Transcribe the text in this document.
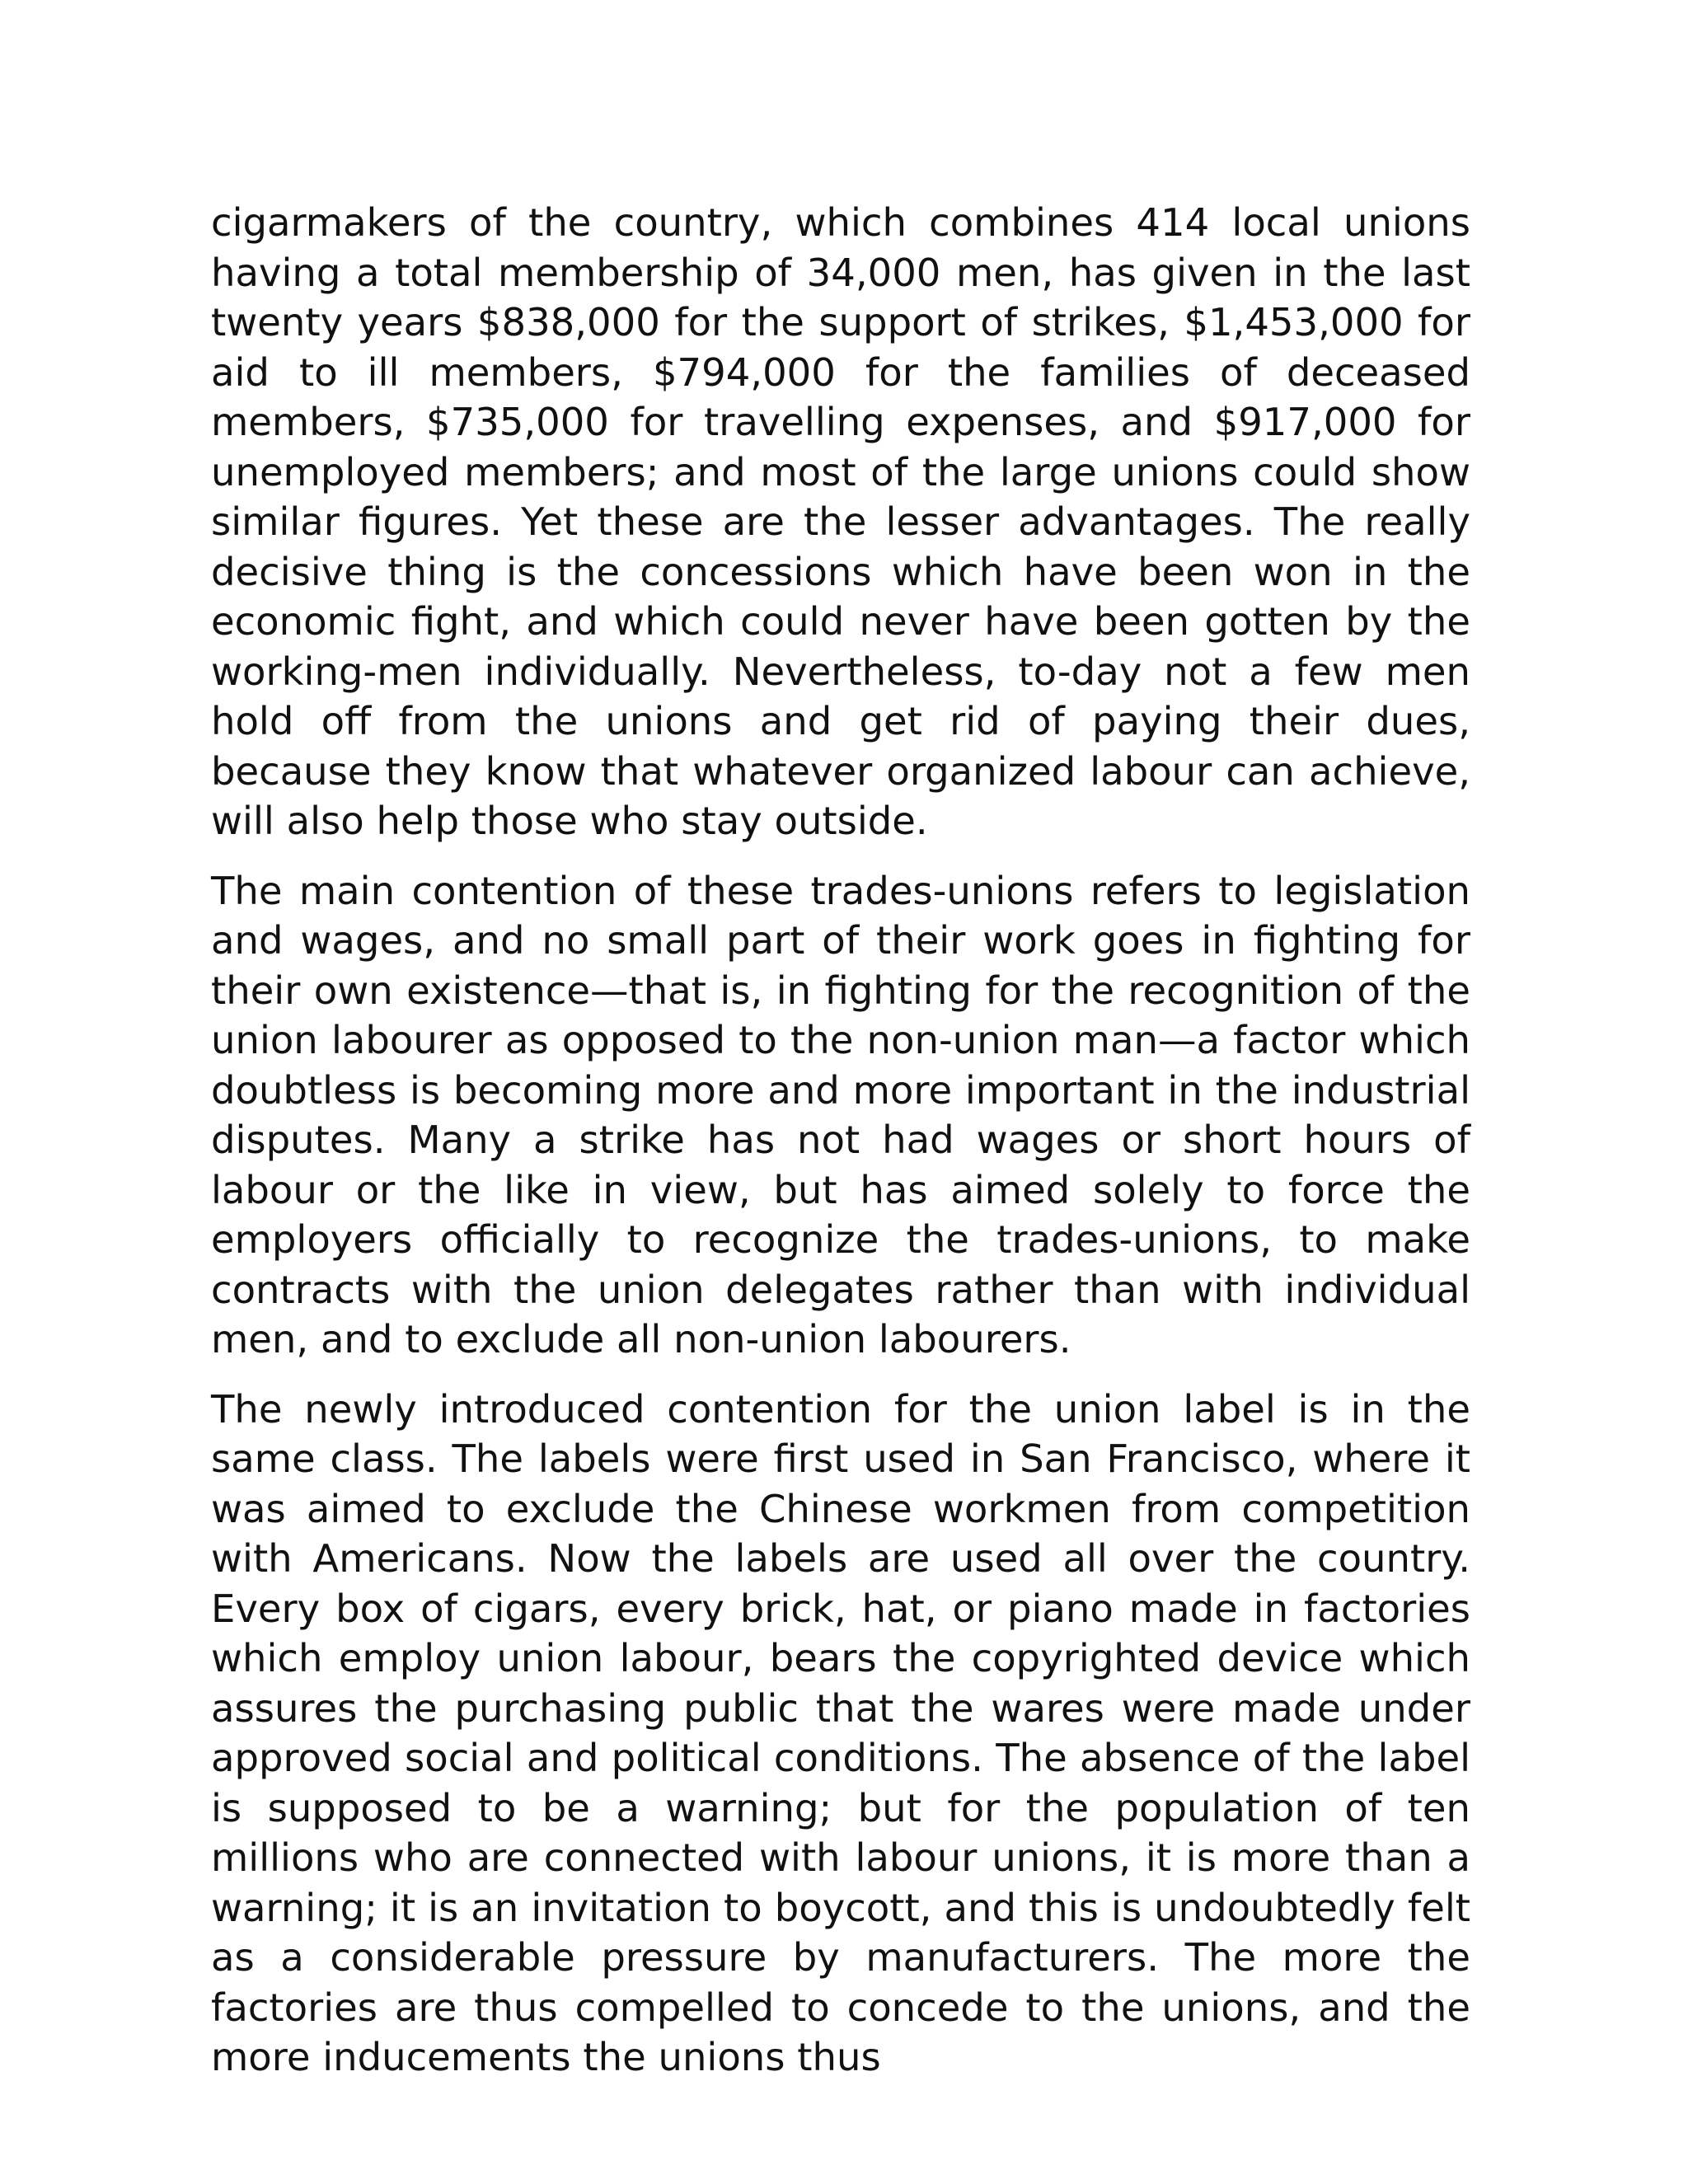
cigarmakers of the country, which combines 414 local unions having a total membership of 34,000 men, has given in the last twenty years $838,000 for the support of strikes, $1,453,000 for aid to ill members, $794,000 for the families of deceased members, $735,000 for travelling expenses, and $917,000 for unemployed members; and most of the large unions could show similar figures. Yet these are the lesser advantages. The really decisive thing is the concessions which have been won in the economic fight, and which could never have been gotten by the working-men individually. Nevertheless, to-day not a few men hold off from the unions and get rid of paying their dues, because they know that whatever organized labour can achieve, will also help those who stay outside.

The main contention of these trades-unions refers to legislation and wages, and no small part of their work goes in fighting for their own existence—that is, in fighting for the recognition of the union labourer as opposed to the non-union man—a factor which doubtless is becoming more and more important in the industrial disputes. Many a strike has not had wages or short hours of labour or the like in view, but has aimed solely to force the employers officially to recognize the trades-unions, to make contracts with the union delegates rather than with individual men, and to exclude all non-union labourers.

The newly introduced contention for the union label is in the same class. The labels were first used in San Francisco, where it was aimed to exclude the Chinese workmen from competition with Americans. Now the labels are used all over the country. Every box of cigars, every brick, hat, or piano made in factories which employ union labour, bears the copyrighted device which assures the purchasing public that the wares were made under approved social and political conditions. The absence of the label is supposed to be a warning; but for the population of ten millions who are connected with labour unions, it is more than a warning; it is an invitation to boycott, and this is undoubtedly felt as a considerable pressure by manufacturers. The more the factories are thus compelled to concede to the unions, and the more inducements the unions thus
